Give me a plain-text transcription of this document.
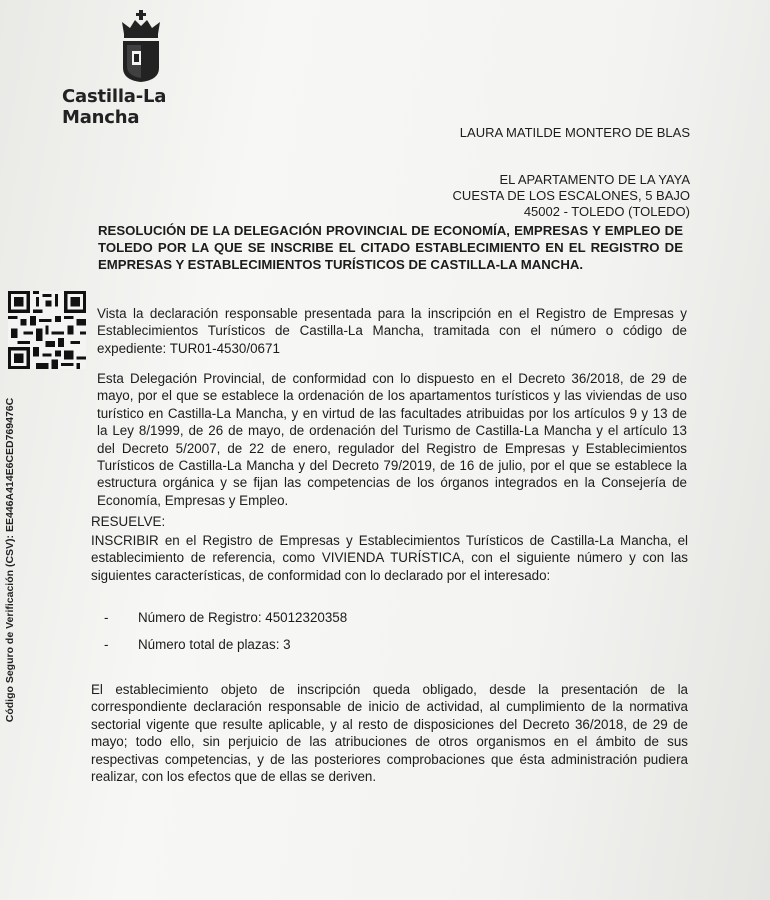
Castilla-La Mancha
LAURA MATILDE MONTERO DE BLAS
EL APARTAMENTO DE LA YAYA
CUESTA DE LOS ESCALONES, 5 BAJO
45002 - TOLEDO (TOLEDO)
RESOLUCIÓN DE LA DELEGACIÓN PROVINCIAL DE ECONOMÍA, EMPRESAS Y EMPLEO DE TOLEDO POR LA QUE SE INSCRIBE EL CITADO ESTABLECIMIENTO EN EL REGISTRO DE EMPRESAS Y ESTABLECIMIENTOS TURÍSTICOS DE CASTILLA-LA MANCHA.
Código Seguro de Verificación (CSV): EE446A414E6CED769476C
Vista la declaración responsable presentada para la inscripción en el Registro de Empresas y Establecimientos Turísticos de Castilla-La Mancha, tramitada con el número o código de expediente: TUR01-4530/0671
Esta Delegación Provincial, de conformidad con lo dispuesto en el Decreto 36/2018, de 29 de mayo, por el que se establece la ordenación de los apartamentos turísticos y las viviendas de uso turístico en Castilla-La Mancha, y en virtud de las facultades atribuidas por los artículos 9 y 13 de la Ley 8/1999, de 26 de mayo, de ordenación del Turismo de Castilla-La Mancha y el artículo 13 del Decreto 5/2007, de 22 de enero, regulador del Registro de Empresas y Establecimientos Turísticos de Castilla-La Mancha y del Decreto 79/2019, de 16 de julio, por el que se establece la estructura orgánica y se fijan las competencias de los órganos integrados en la Consejería de Economía, Empresas y Empleo.
RESUELVE:
INSCRIBIR en el Registro de Empresas y Establecimientos Turísticos de Castilla-La Mancha, el establecimiento de referencia, como VIVIENDA TURÍSTICA, con el siguiente número y con las siguientes características, de conformidad con lo declarado por el interesado:
- Número de Registro: 45012320358
- Número total de plazas: 3
El establecimiento objeto de inscripción queda obligado, desde la presentación de la correspondiente declaración responsable de inicio de actividad, al cumplimiento de la normativa sectorial vigente que resulte aplicable, y al resto de disposiciones del Decreto 36/2018, de 29 de mayo; todo ello, sin perjuicio de las atribuciones de otros organismos en el ámbito de sus respectivas competencias, y de las posteriores comprobaciones que ésta administración pudiera realizar, con los efectos que de ellas se deriven.
